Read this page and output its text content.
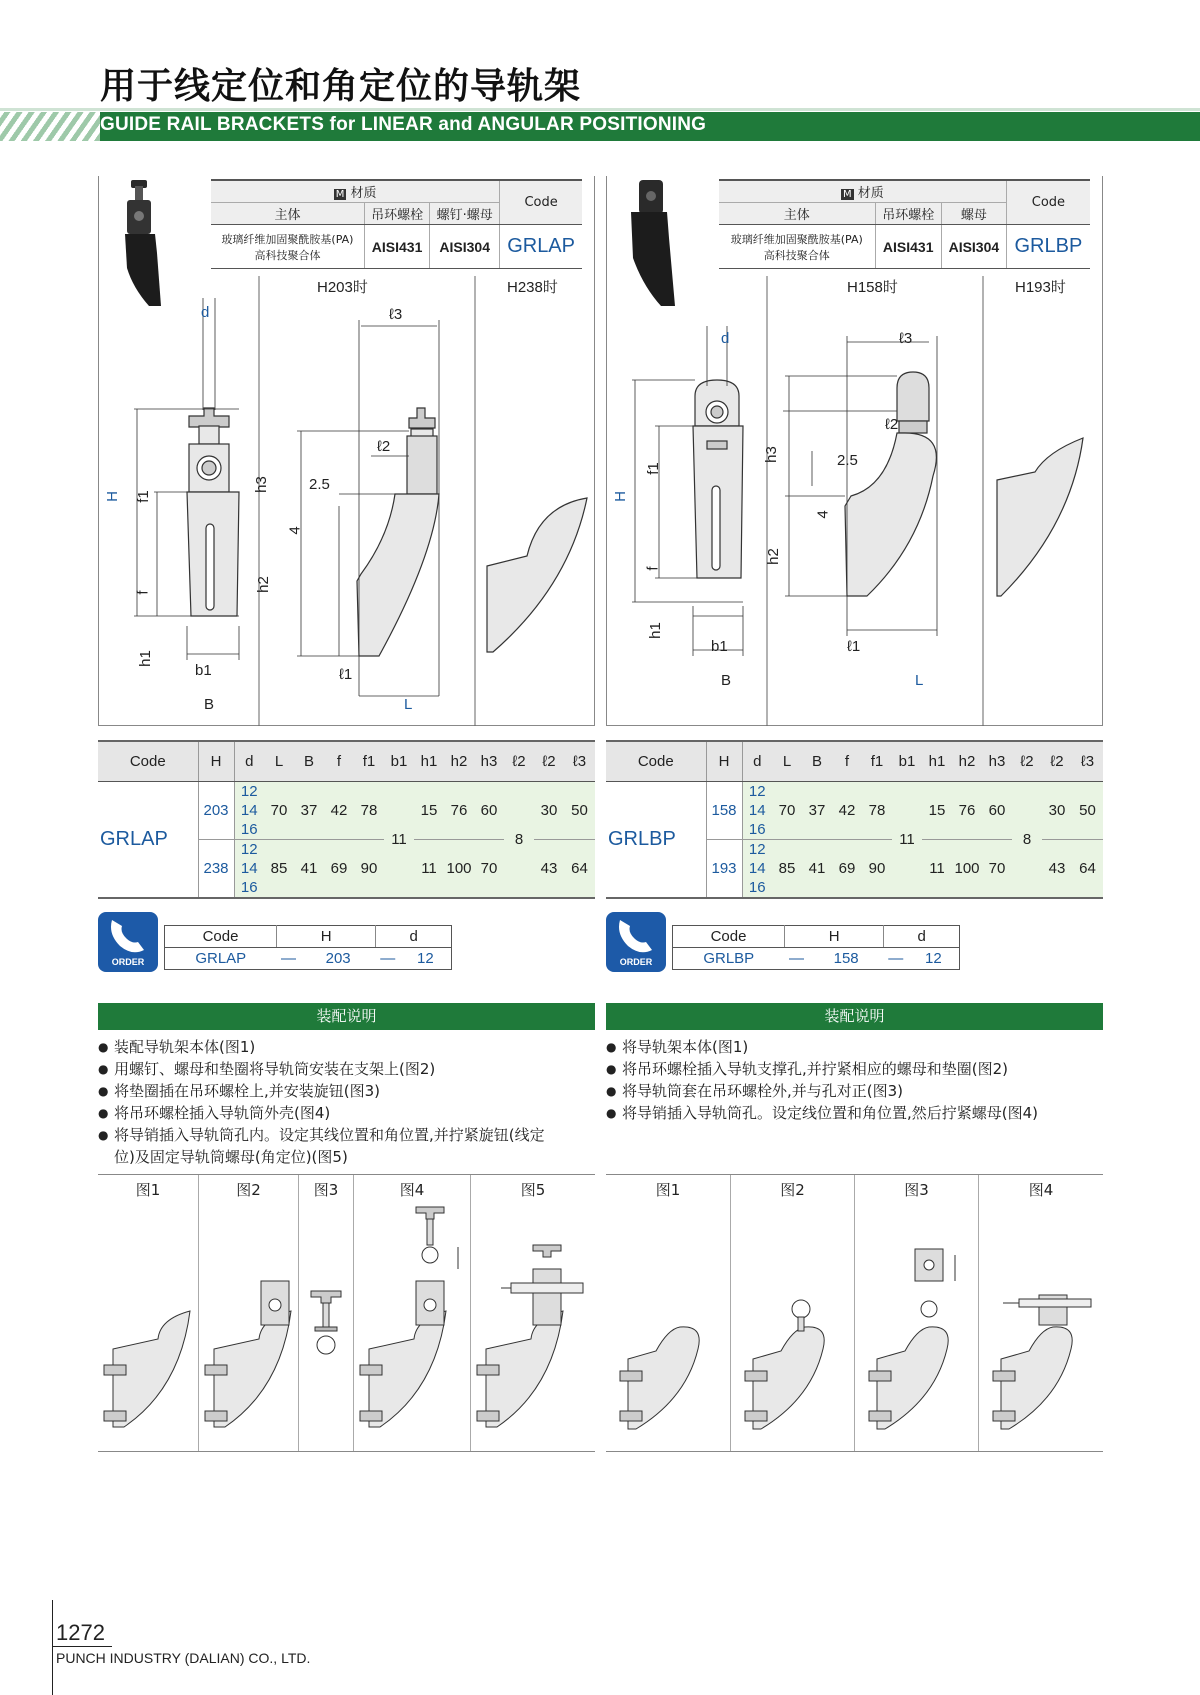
用于线定位和角定位的导轨架
GUIDE RAIL BRACKETS for LINEAR and ANGULAR POSITIONING
M 材质			Code
主体	吊环螺栓	螺钉·螺母	

玻璃纤维加固聚酰胺基(PA)
高科技聚合体	AISI431	AISI304	GRLAP
d
H f1
f
h1
b1
B
H203时	H238时
ℓ3
ℓ2
h3	2.5
4
h2
ℓ1
L
M 材质			Code
主体	吊环螺栓	螺母	

玻璃纤维加固聚酰胺基(PA)
高科技聚合体	AISI431	AISI304	GRLBP
d
H
f1
f
h1
b1
B
H158时	H193时
ℓ3
ℓ2
h3	2.5
4
h2
ℓ1
L
Code	H	d	L	B	f	f1	b1	h1	h2	h3	ℓ2	ℓ2	ℓ3
GRLAP	203	12	70	37	42	78	11	15	76	60	8	30	50
		14											
		16											
	238	12	85	41	69	90		11	100	70		43	64
		14											
		16											
Code	H	d	L	B	f	f1	b1	h1	h2	h3	ℓ2	ℓ2	ℓ3
GRLBP	158	12	70	37	42	78	11	15	76	60	8	30	50
		14											
		16											
	193	12	85	41	69	90		11	100	70		43	64
		14											
		16											
ORDER
Code	H		d	
GRLAP	—	203	—	12	ORDER
Code	H		d	
GRLBP	—	158	—	12
装配说明
● 装配导轨架本体(图1)
● 用螺钉、螺母和垫圈将导轨筒安装在支架上(图2)
● 将垫圈插在吊环螺栓上,并安装旋钮(图3)
● 将吊环螺栓插入导轨筒外壳(图4)
● 将导销插入导轨筒孔内。设定其线位置和角位置,并拧紧旋钮(线定
位)及固定导轨筒螺母(角定位)(图5)
装配说明
● 将导轨架本体(图1)
● 将吊环螺栓插入导轨支撑孔,并拧紧相应的螺母和垫圈(图2)
● 将导轨筒套在吊环螺栓外,并与孔对正(图3)
● 将导销插入导轨筒孔。设定线位置和角位置,然后拧紧螺母(图4)
图1	图2	图3	图4	图5	图1	图2	图3	图4
1272
PUNCH INDUSTRY (DALIAN) CO., LTD.
